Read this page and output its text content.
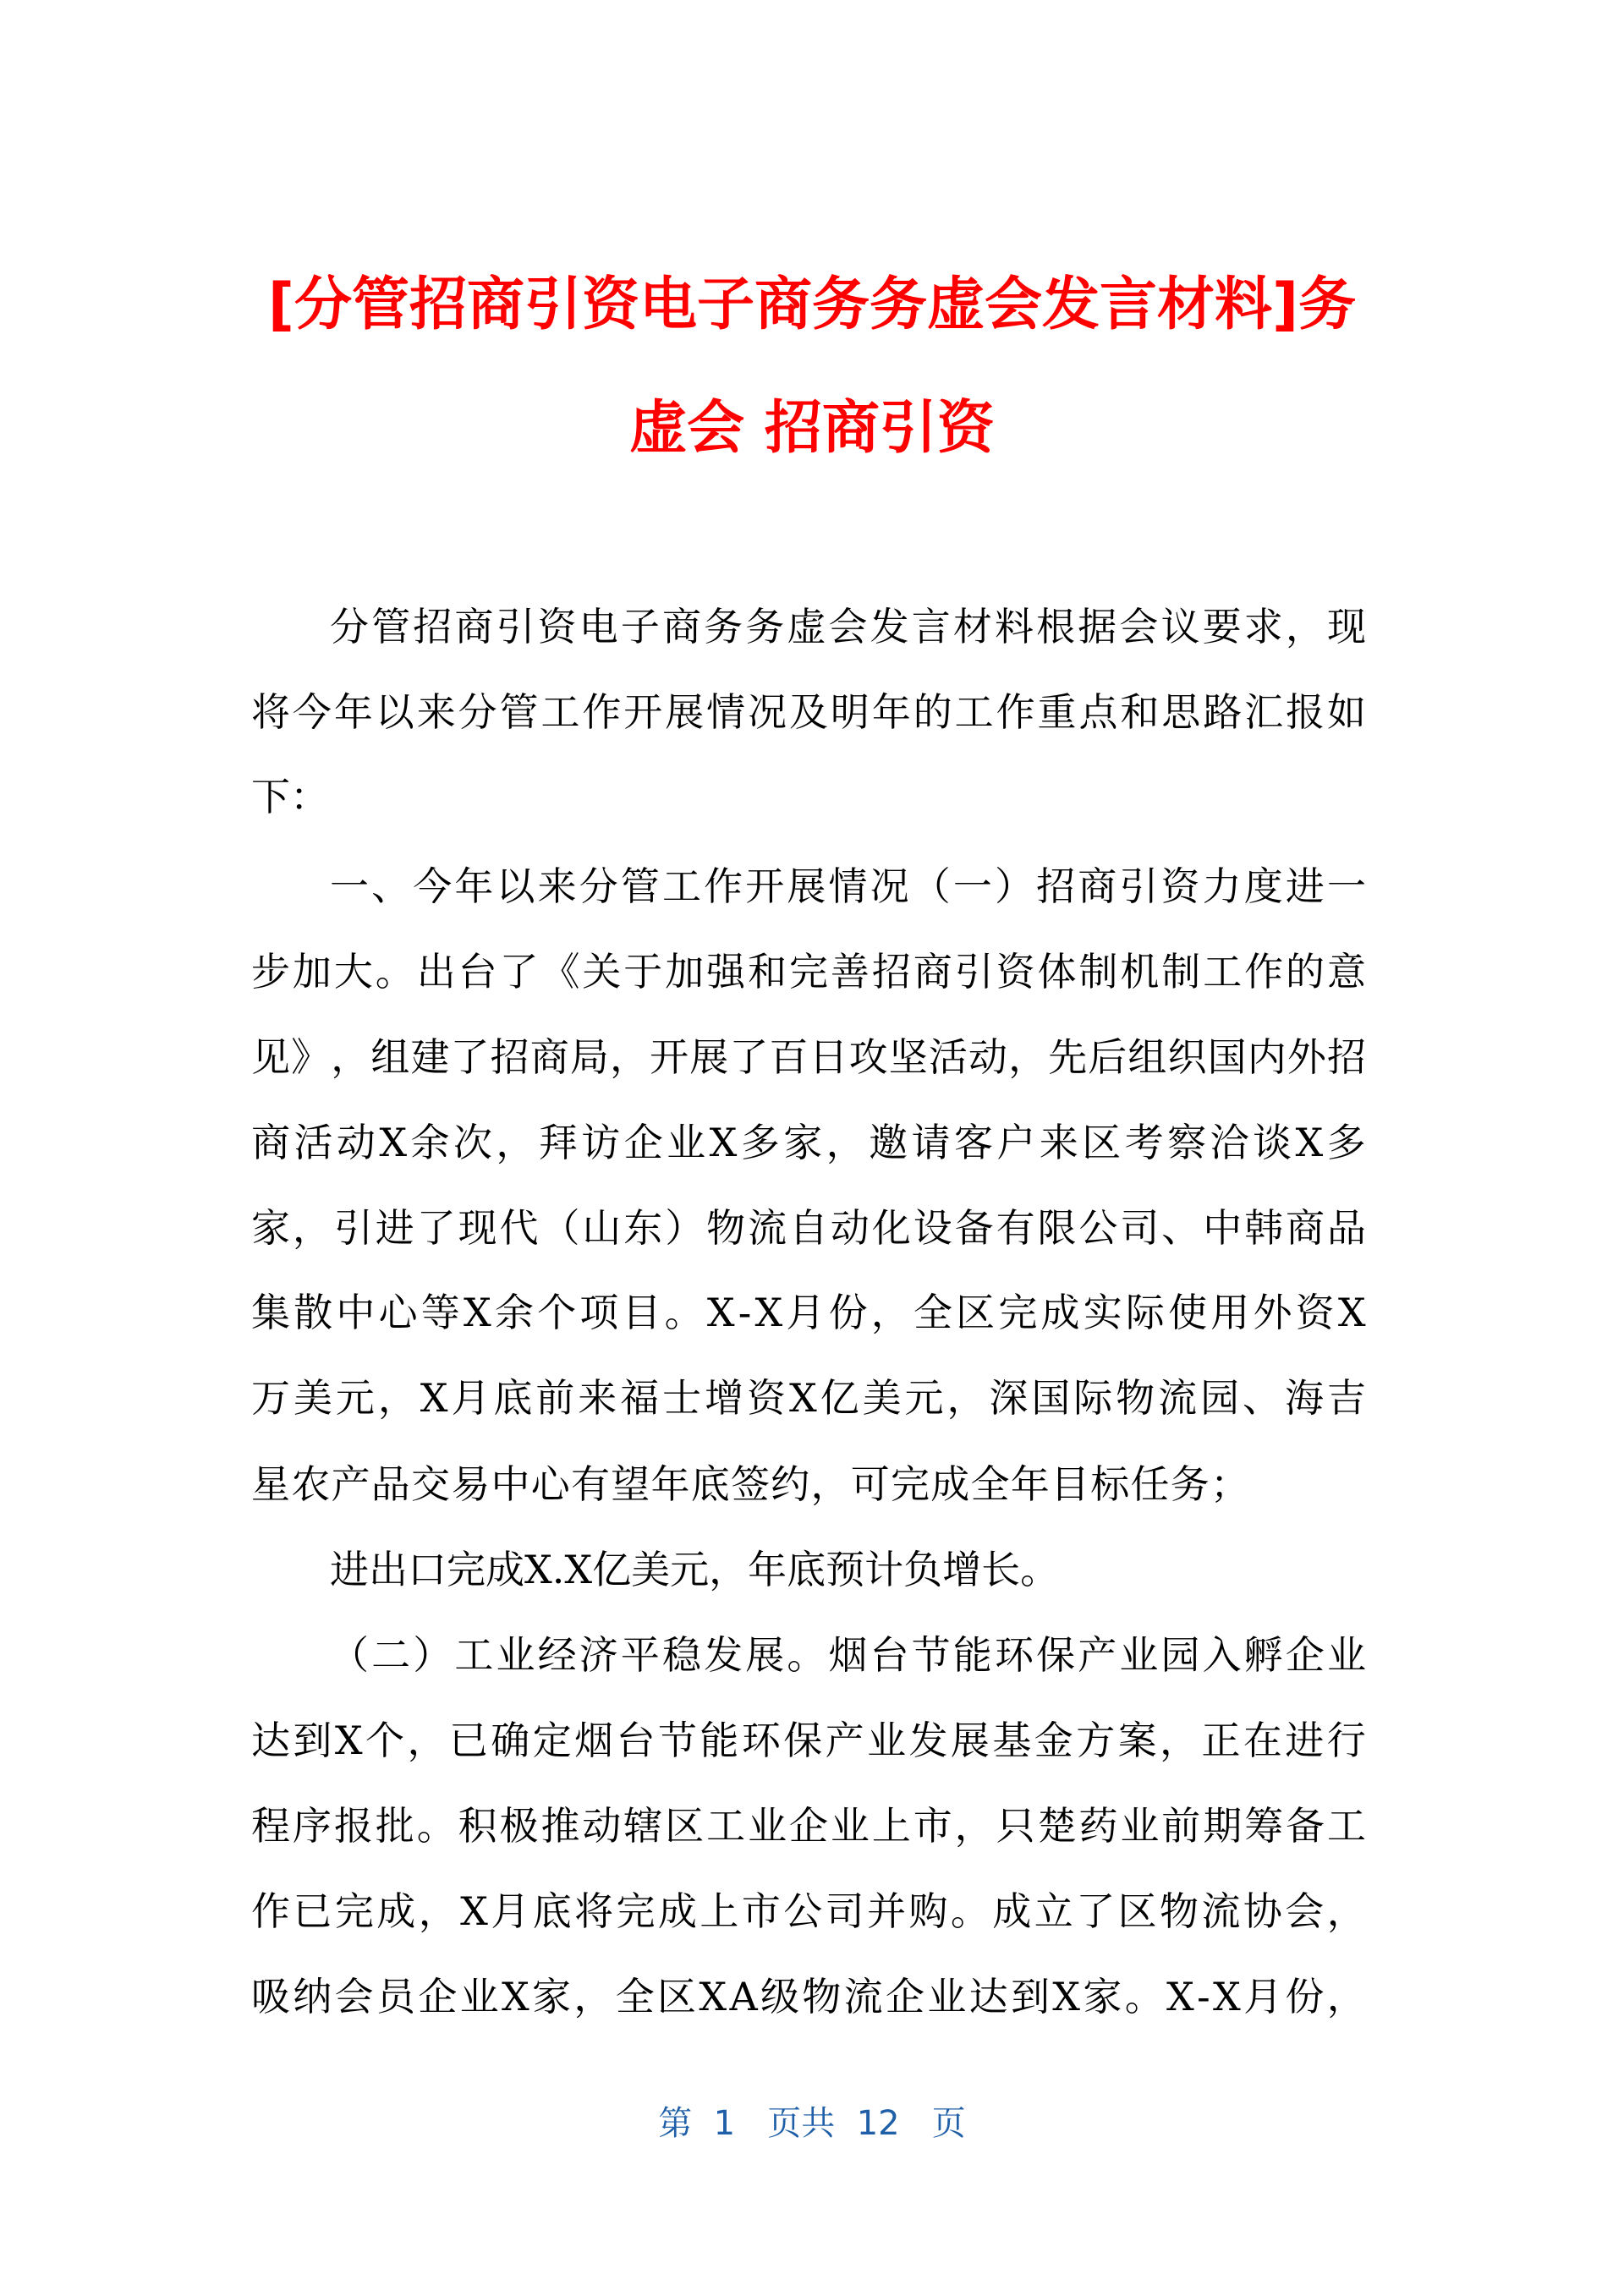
[分管招商引资电子商务务虚会发言材料]务
虚会 招商引资
分 管 招 商 引 资 电 子 商 务 务 虚 会 发 言 材 料 根 据 会 议 要 求 ， 现
将 今 年 以 来 分 管 工 作 开 展 情 况 及 明 年 的 工 作 重 点 和 思 路 汇 报 如
下 ：
一 、 今 年 以 来 分 管 工 作 开 展 情 况 （ 一 ） 招 商 引 资 力 度 进 一
步 加 大 。 出 台 了 《 关 于 加 强 和 完 善 招 商 引 资 体 制 机 制 工 作 的 意
见 》 ， 组 建 了 招 商 局 ， 开 展 了 百 日 攻 坚 活 动 ， 先 后 组 织 国 内 外 招
商 活 动 X 余 次 ， 拜 访 企 业 X 多 家 ， 邀 请 客 户 来 区 考 察 洽 谈 X 多
家 ， 引 进 了 现 代 （ 山 东 ） 物 流 自 动 化 设 备 有 限 公 司 、 中 韩 商 品
集 散 中 心 等 X 余 个 项 目 。 X - X 月 份 ， 全 区 完 成 实 际 使 用 外 资 X
万 美 元 ， X 月 底 前 来 福 士 增 资 X 亿 美 元 ， 深 国 际 物 流 园 、 海 吉
星 农 产 品 交 易 中 心 有 望 年 底 签 约 ， 可 完 成 全 年 目 标 任 务 ；
进 出 口 完 成 X . X 亿 美 元 ， 年 底 预 计 负 增 长 。
（ 二 ） 工 业 经 济 平 稳 发 展 。 烟 台 节 能 环 保 产 业 园 入 孵 企 业
达 到 X 个 ， 已 确 定 烟 台 节 能 环 保 产 业 发 展 基 金 方 案 ， 正 在 进 行
程 序 报 批 。 积 极 推 动 辖 区 工 业 企 业 上 市 ， 只 楚 药 业 前 期 筹 备 工
作 已 完 成 ， X 月 底 将 完 成 上 市 公 司 并 购 。 成 立 了 区 物 流 协 会 ，
吸 纳 会 员 企 业 X 家 ， 全 区 X A 级 物 流 企 业 达 到 X 家 。 X - X 月 份 ，
第  1   页共  12   页
